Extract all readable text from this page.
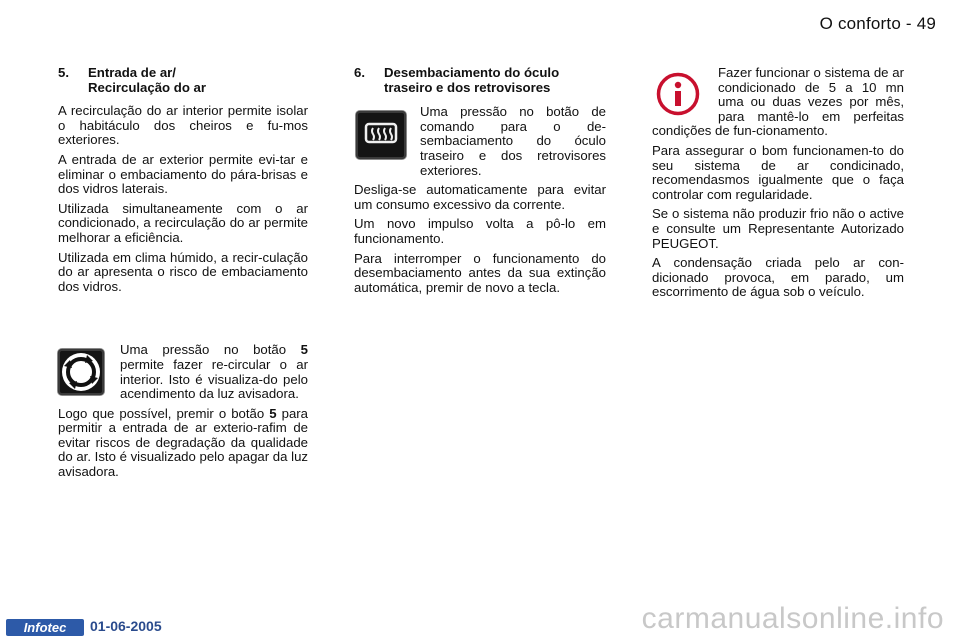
O conforto - 49
5.	Entrada de ar/
Recirculação do ar

A recirculação do ar interior permite isolar o habitáculo dos cheiros e fu-mos exteriores.

A entrada de ar exterior permite evi-tar e eliminar o embaciamento do pára-brisas e dos vidros laterais.

Utilizada simultaneamente com o ar condicionado, a recirculação do ar permite melhorar a eficiência.

Utilizada em clima húmido, a recir-culação do ar apresenta o risco de embaciamento dos vidros.

Uma pressão no botão 5 permite fazer re-circular o ar interior. Isto é visualiza-do pelo acendimento da luz avisadora.

Logo que possível, premir o botão 5 para permitir a entrada de ar exterio-rafim de evitar riscos de degradação da qualidade do ar. Isto é visualizado pelo apagar da luz avisadora.

6.	Desembaciamento do óculo
traseiro e dos retrovisores

Uma pressão no botão de comando para o de-sembaciamento do óculo traseiro e dos retrovisores exteriores.

Desliga-se automaticamente para evitar um consumo excessivo da corrente.

Um novo impulso volta a pô-lo em funcionamento.

Para interromper o funcionamento do desembaciamento antes da sua extinção automática, premir de novo a tecla.

Fazer funcionar o sistema de ar condicionado de 5 a 10 mn uma ou duas vezes por mês, para mantê-lo em perfeitas condições de fun-cionamento.

Para assegurar o bom funcionamen-to do seu sistema de ar condicinado, recomendasmos igualmente que o faça controlar com regularidade.

Se o sistema não produzir frio não o active e consulte um Representante Autorizado PEUGEOT.

A condensação criada pelo ar con-dicionado provoca, em parado, um escorrimento de água sob o veículo.

Infotec	01-06-2005	carmanualsonline.info
